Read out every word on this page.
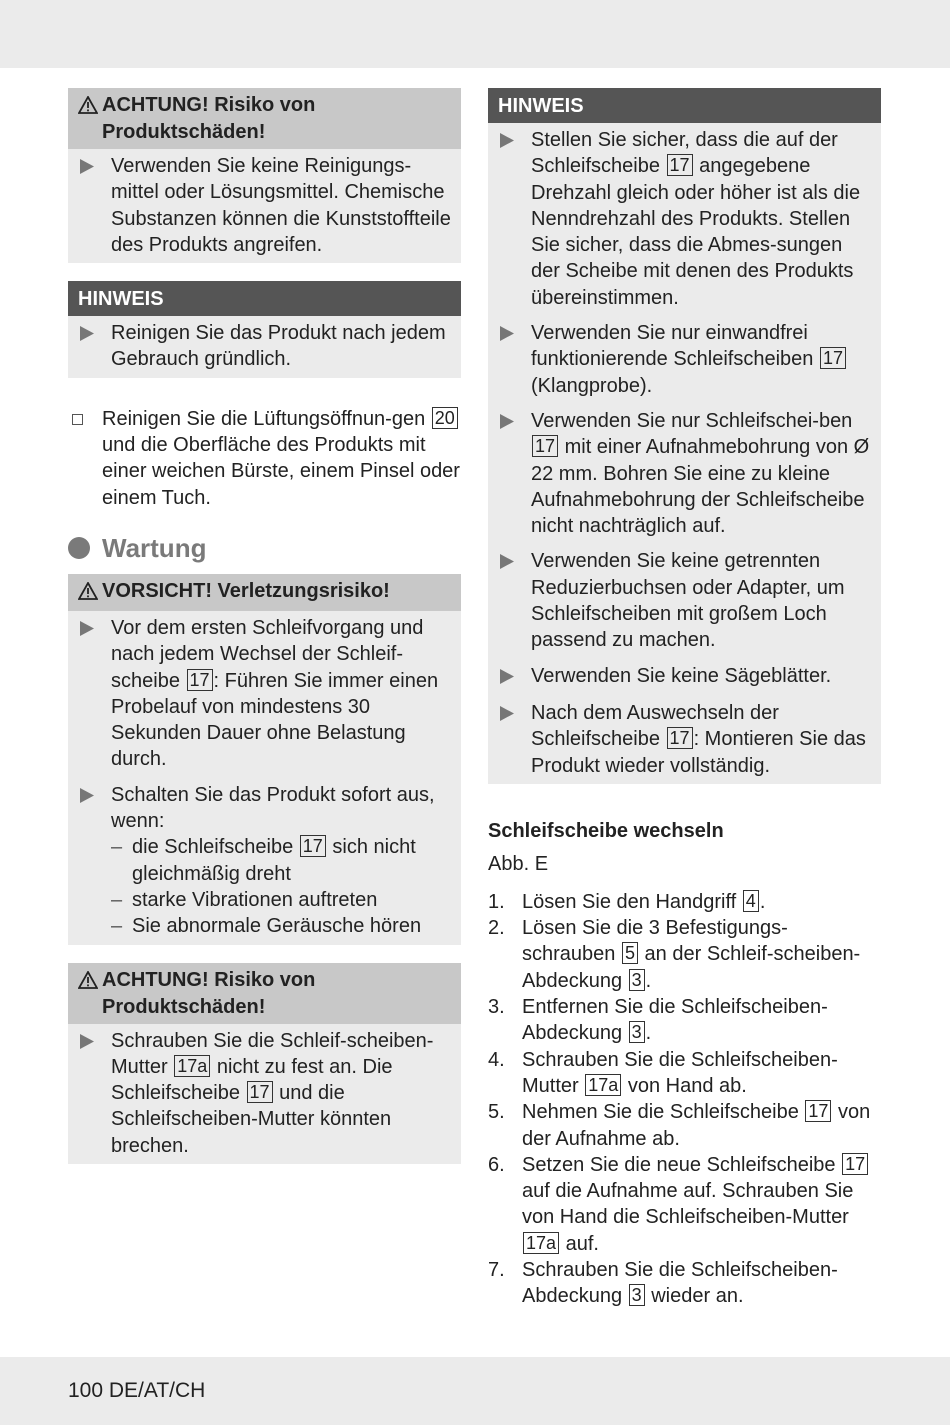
ACHTUNG! Risiko von Produktschäden!
Verwenden Sie keine Reinigungs-mittel oder Lösungsmittel. Chemische Substanzen können die Kunststoffteile des Produkts angreifen.
HINWEIS
Reinigen Sie das Produkt nach jedem Gebrauch gründlich.
Reinigen Sie die Lüftungsöffnun-gen 20 und die Oberfläche des Produkts mit einer weichen Bürste, einem Pinsel oder einem Tuch.
Wartung
VORSICHT! Verletzungsrisiko!
Vor dem ersten Schleifvorgang und nach jedem Wechsel der Schleif-scheibe 17 : Führen Sie immer einen Probelauf von mindestens 30 Sekunden Dauer ohne Belastung durch.
Schalten Sie das Produkt sofort aus, wenn:
– die Schleifscheibe 17 sich nicht gleichmäßig dreht
– starke Vibrationen auftreten
– Sie abnormale Geräusche hören
ACHTUNG! Risiko von Produktschäden!
Schrauben Sie die Schleif-scheiben-Mutter 17a nicht zu fest an. Die Schleifscheibe 17 und die Schleifscheiben-Mutter könnten brechen.
HINWEIS
Stellen Sie sicher, dass die auf der Schleifscheibe 17 angegebene Drehzahl gleich oder höher ist als die Nenndrehzahl des Produkts. Stellen Sie sicher, dass die Abmes-sungen der Scheibe mit denen des Produkts übereinstimmen.
Verwenden Sie nur einwandfrei funktionierende Schleifscheiben 17 (Klangprobe).
Verwenden Sie nur Schleifschei-ben 17 mit einer Aufnahmebohrung von Ø 22 mm. Bohren Sie eine zu kleine Aufnahmebohrung der Schleifscheibe nicht nachträglich auf.
Verwenden Sie keine getrennten Reduzierbuchsen oder Adapter, um Schleifscheiben mit großem Loch passend zu machen.
Verwenden Sie keine Sägeblätter.
Nach dem Auswechseln der Schleifscheibe 17 : Montieren Sie das Produkt wieder vollständig.
Schleifscheibe wechseln
Abb. E
1. Lösen Sie den Handgriff 4 .
2. Lösen Sie die 3 Befestigungs-schrauben 5 an der Schleif-scheiben-Abdeckung 3 .
3. Entfernen Sie die Schleifscheiben-Abdeckung 3 .
4. Schrauben Sie die Schleifscheiben-Mutter 17a von Hand ab.
5. Nehmen Sie die Schleifscheibe 17 von der Aufnahme ab.
6. Setzen Sie die neue Schleifscheibe 17 auf die Aufnahme auf. Schrauben Sie von Hand die Schleifscheiben-Mutter 17a auf.
7. Schrauben Sie die Schleifscheiben-Abdeckung 3 wieder an.
100 DE/AT/CH
